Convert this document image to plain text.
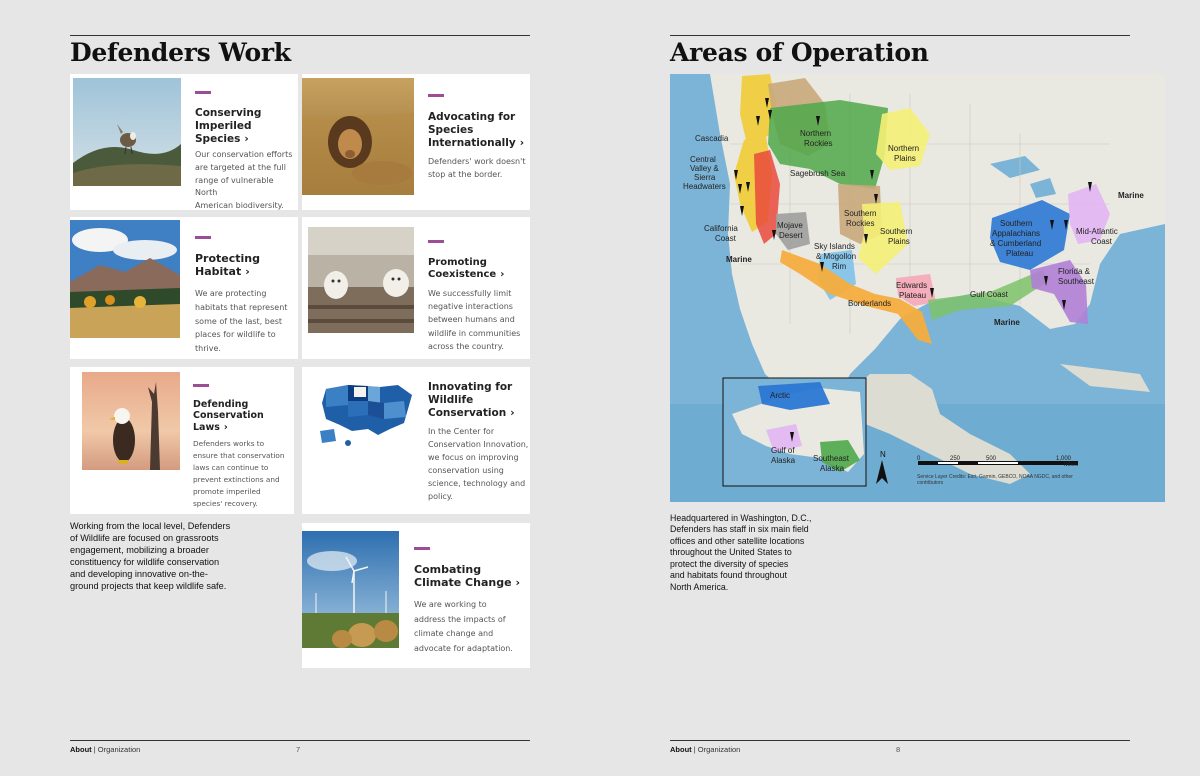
Defenders Work
Conserving
Imperiled
Species ›
Our conservation efforts
are targeted at the full
range of vulnerable North
American biodiversity.
Advocating for
Species
Internationally ›
Defenders' work doesn't
stop at the border.
Protecting
Habitat ›
We are protecting
habitats that represent
some of the last, best
places for wildlife to
thrive.
Promoting
Coexistence ›
We successfully limit
negative interactions
between humans and
wildlife in communities
across the country.
Defending
Conservation
Laws ›
Defenders works to
ensure that conservation
laws can continue to
prevent extinctions and
promote imperiled
species' recovery.
Innovating for
Wildlife
Conservation ›
In the Center for
Conservation Innovation,
we focus on improving
conservation using
science, technology and
policy.
Working from the local level, Defenders
of Wildlife are focused on grassroots
engagement, mobilizing a broader
constituency for wildlife conservation
and developing innovative on-the-
ground projects that keep wildlife safe.
Combating
Climate Change ›
We are working to
address the impacts of
climate change and
advocate for adaptation.
About | Organization	7
Areas of Operation
Cascadia
Northern Rockies
Northern Plains
Central Valley & Sierra Headwaters
Sagebrush Sea
Southern Rockies
Southern Plains
California Coast
Mojave Desert
Sky Islands & Mogollon Rim
Marine
Southern Appalachians & Cumberland Plateau
Mid-Atlantic Coast
Marine
Florida & Southeast
Edwards Plateau	Gulf Coast
Borderlands
Marine
Arctic
Gulf of Alaska Southeast Alaska
N	0	250	500	1,000
Miles
Service Layer Credits: Esri, Garmin, GEBCO, NOAA NGDC, and other contributors
Headquartered in Washington, D.C.,
Defenders has staff in six main field
offices and other satellite locations
throughout the United States to
protect the diversity of species
and habitats found throughout
North America.
About | Organization	8
